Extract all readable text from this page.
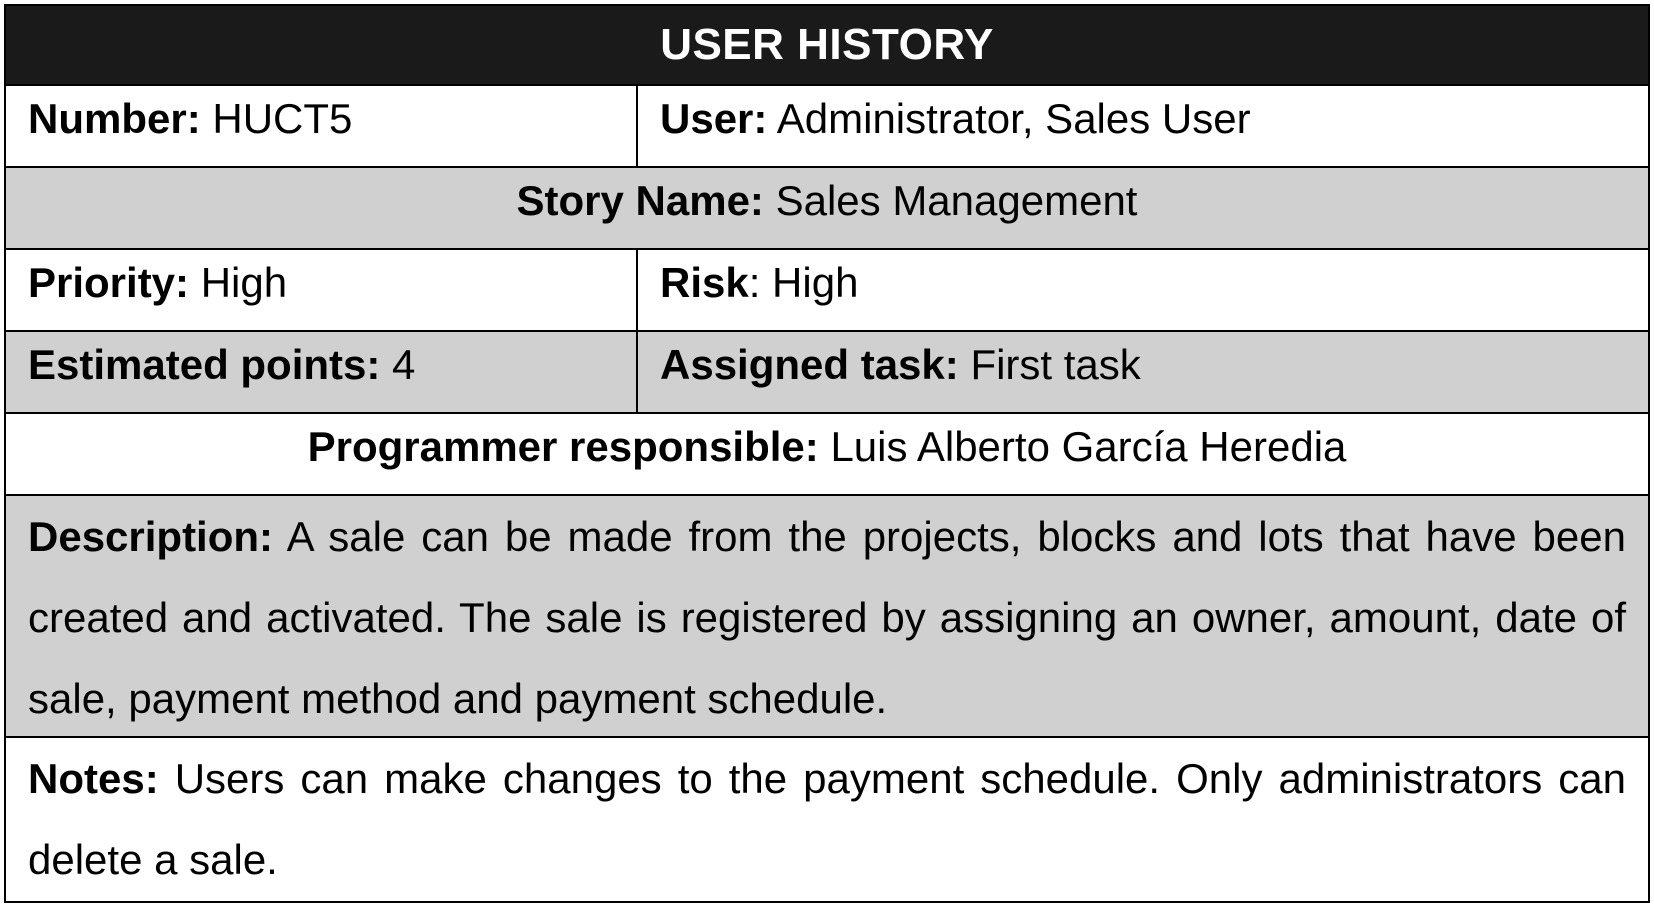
USER HISTORY
Number: HUCT5	User: Administrator, Sales User
Story Name: Sales Management
Priority: High	Risk: High
Estimated points: 4	Assigned task: First task
Programmer responsible: Luis Alberto García Heredia
Description: A sale can be made from the projects, blocks and lots that have been created and activated. The sale is registered by assigning an owner, amount, date of sale, payment method and payment schedule.
Notes: Users can make changes to the payment schedule. Only administrators can delete a sale.
